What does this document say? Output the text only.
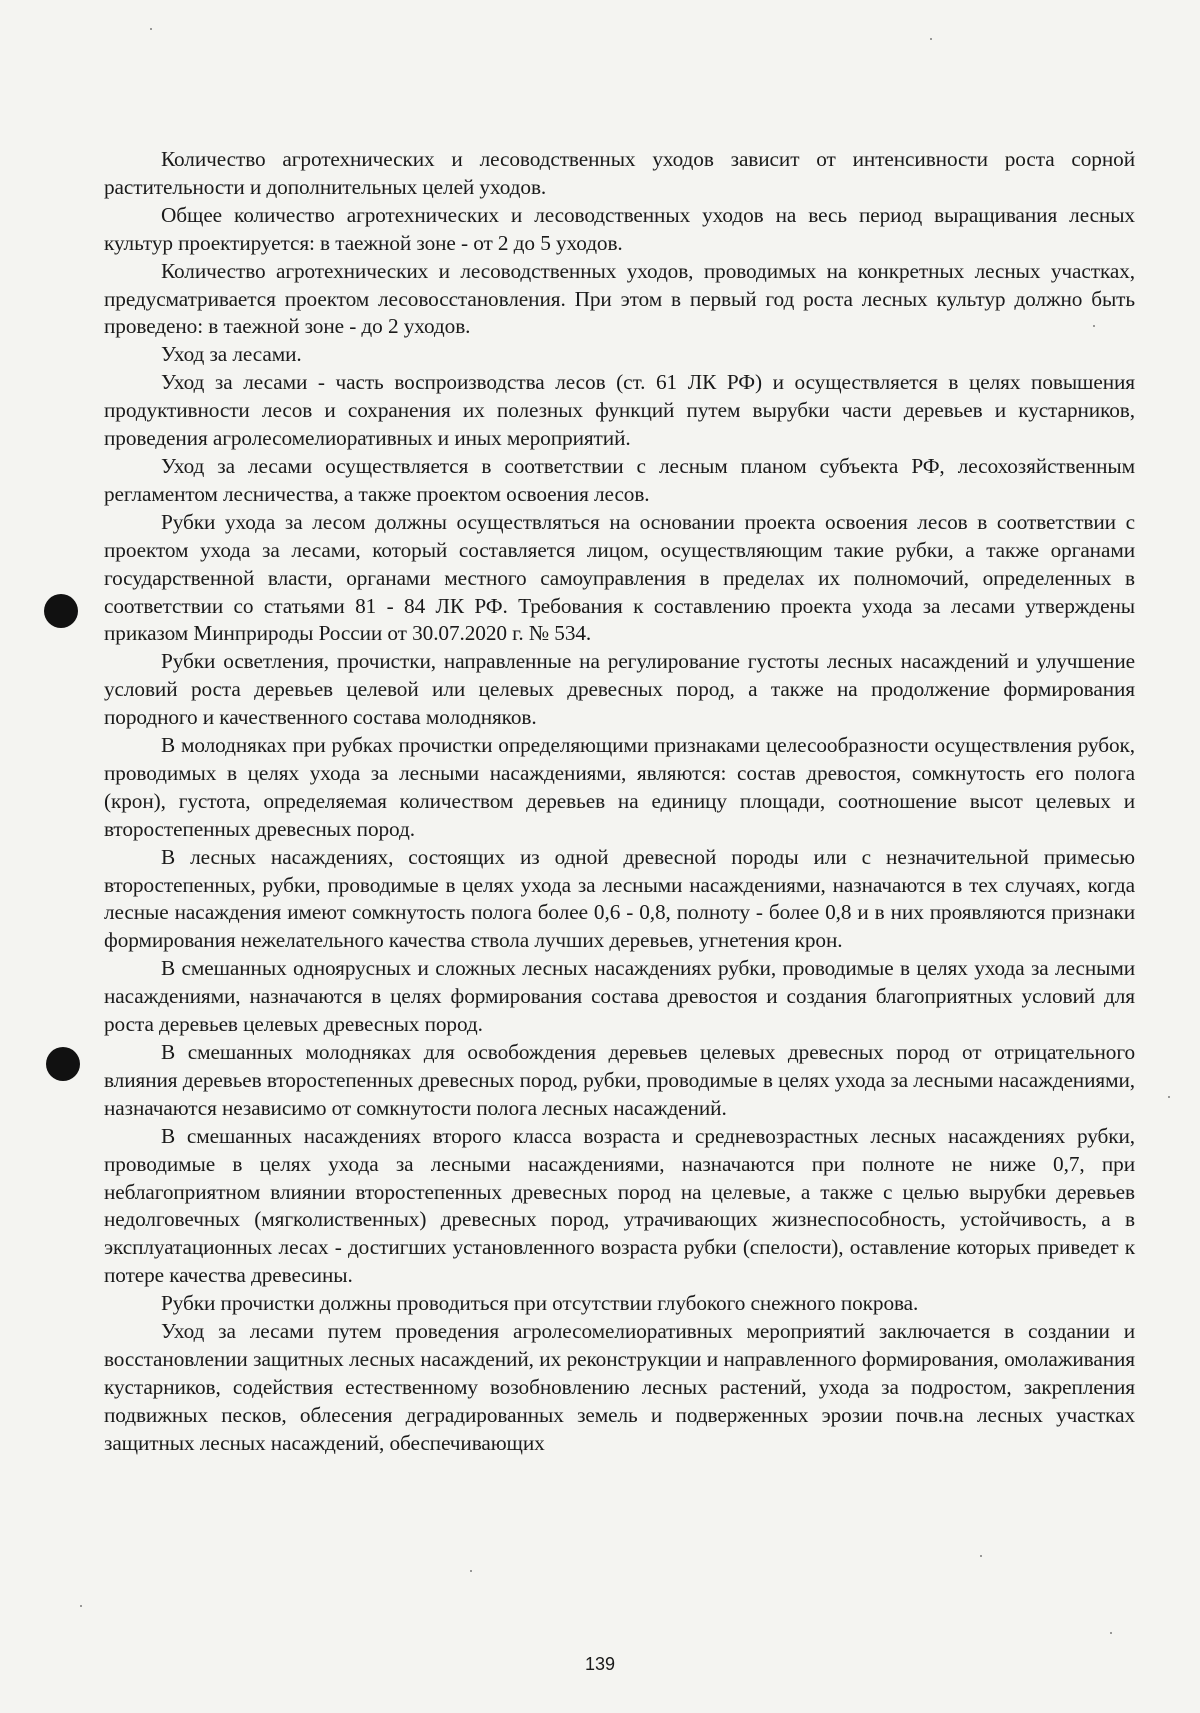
Количество агротехнических и лесоводственных уходов зависит от интенсивности роста сорной растительности и дополнительных целей уходов.

Общее количество агротехнических и лесоводственных уходов на весь период выращивания лесных культур проектируется: в таежной зоне - от 2 до 5 уходов.

Количество агротехнических и лесоводственных уходов, проводимых на конкретных лесных участках, предусматривается проектом лесовосстановления. При этом в первый год роста лесных культур должно быть проведено: в таежной зоне - до 2 уходов.

Уход за лесами.

Уход за лесами - часть воспроизводства лесов (ст. 61 ЛК РФ) и осуществляется в целях повышения продуктивности лесов и сохранения их полезных функций путем вырубки части деревьев и кустарников, проведения агролесомелиоративных и иных мероприятий.

Уход за лесами осуществляется в соответствии с лесным планом субъекта РФ, лесохозяйственным регламентом лесничества, а также проектом освоения лесов.

Рубки ухода за лесом должны осуществляться на основании проекта освоения лесов в соответствии с проектом ухода за лесами, который составляется лицом, осуществляющим такие рубки, а также органами государственной власти, органами местного самоуправления в пределах их полномочий, определенных в соответствии со статьями 81 - 84 ЛК РФ. Требования к составлению проекта ухода за лесами утверждены приказом Минприроды России от 30.07.2020 г. № 534.

Рубки осветления, прочистки, направленные на регулирование густоты лесных насаждений и улучшение условий роста деревьев целевой или целевых древесных пород, а также на продолжение формирования породного и качественного состава молодняков.

В молодняках при рубках прочистки определяющими признаками целесообразности осуществления рубок, проводимых в целях ухода за лесными насаждениями, являются: состав древостоя, сомкнутость его полога (крон), густота, определяемая количеством деревьев на единицу площади, соотношение высот целевых и второстепенных древесных пород.

В лесных насаждениях, состоящих из одной древесной породы или с незначительной примесью второстепенных, рубки, проводимые в целях ухода за лесными насаждениями, назначаются в тех случаях, когда лесные насаждения имеют сомкнутость полога более 0,6 - 0,8, полноту - более 0,8 и в них проявляются признаки формирования нежелательного качества ствола лучших деревьев, угнетения крон.

В смешанных одноярусных и сложных лесных насаждениях рубки, проводимые в целях ухода за лесными насаждениями, назначаются в целях формирования состава древостоя и создания благоприятных условий для роста деревьев целевых древесных пород.

В смешанных молодняках для освобождения деревьев целевых древесных пород от отрицательного влияния деревьев второстепенных древесных пород, рубки, проводимые в целях ухода за лесными насаждениями, назначаются независимо от сомкнутости полога лесных насаждений.

В смешанных насаждениях второго класса возраста и средневозрастных лесных насаждениях рубки, проводимые в целях ухода за лесными насаждениями, назначаются при полноте не ниже 0,7, при неблагоприятном влиянии второстепенных древесных пород на целевые, а также с целью вырубки деревьев недолговечных (мягколиственных) древесных пород, утрачивающих жизнеспособность, устойчивость, а в эксплуатационных лесах - достигших установленного возраста рубки (спелости), оставление которых приведет к потере качества древесины.

Рубки прочистки должны проводиться при отсутствии глубокого снежного покрова.

Уход за лесами путем проведения агролесомелиоративных мероприятий заключается в создании и восстановлении защитных лесных насаждений, их реконструкции и направленного формирования, омолаживания кустарников, содействия естественному возобновлению лесных растений, ухода за подростом, закрепления подвижных песков, облесения деградированных земель и подверженных эрозии почв.на лесных участках защитных лесных насаждений, обеспечивающих

139
